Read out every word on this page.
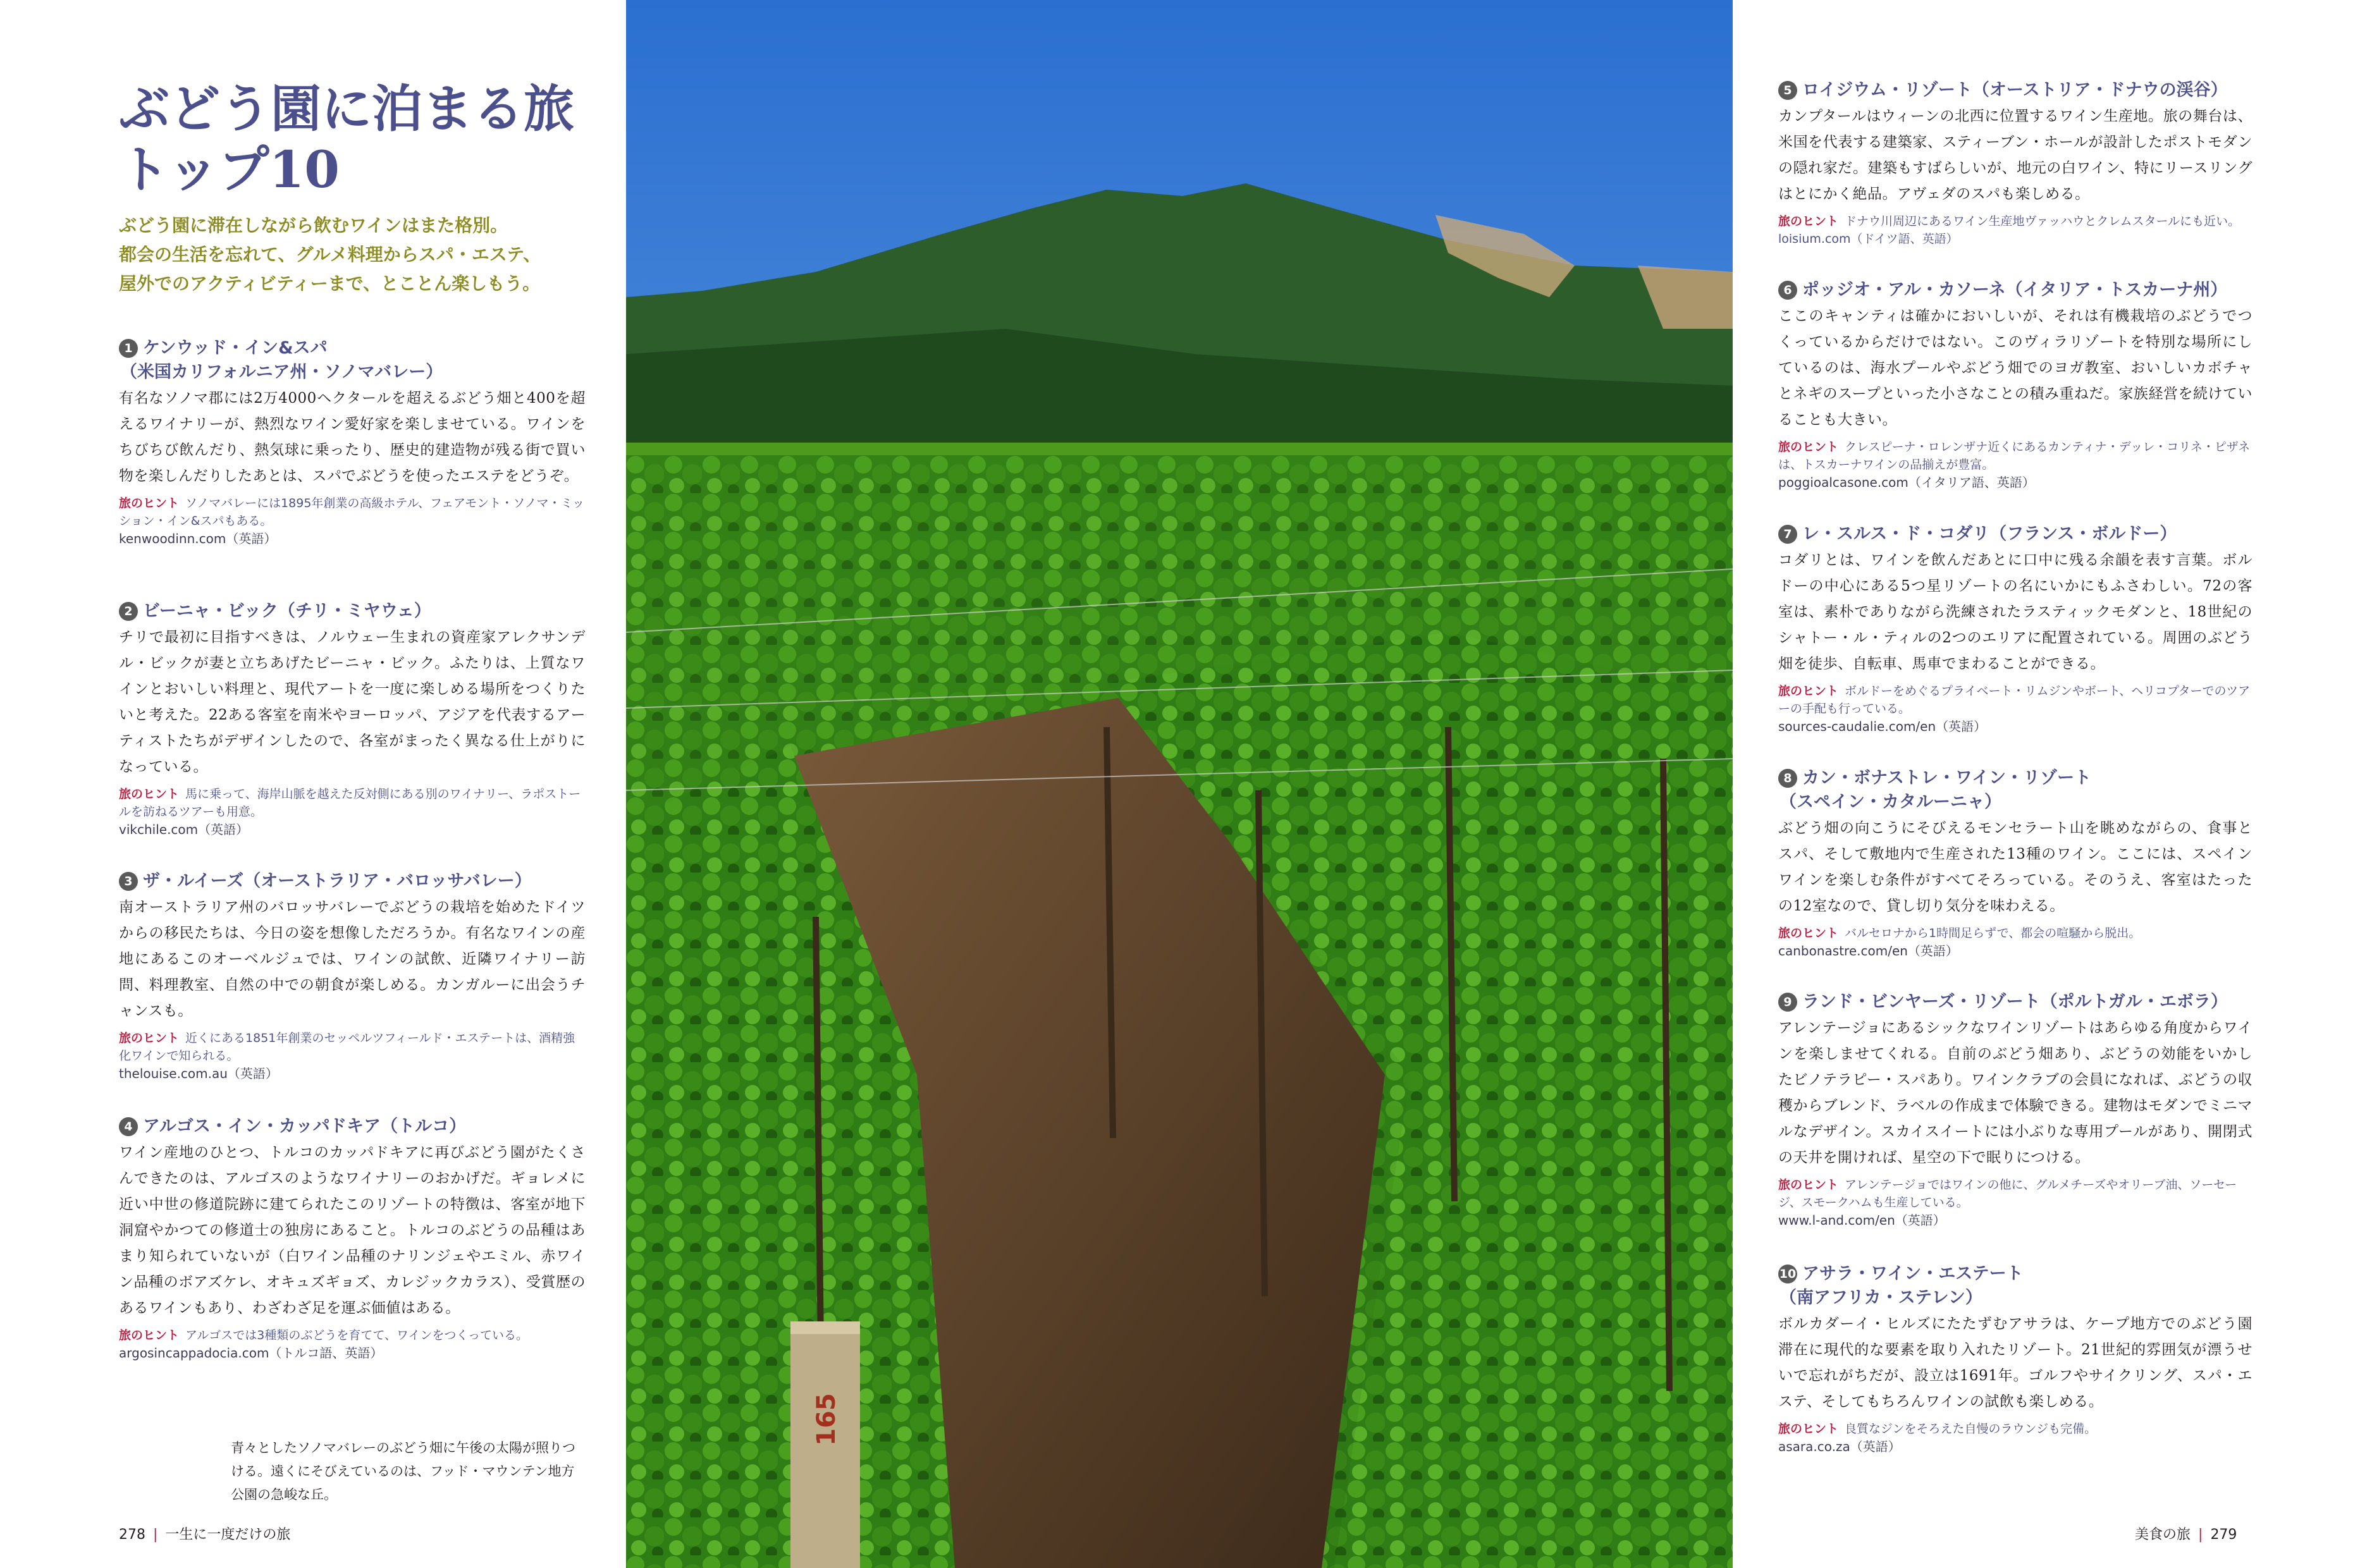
ぶどう園に泊まる旅
トップ10

ぶどう園に滞在しながら飲むワインはまた格別。
都会の生活を忘れて、グルメ料理からスパ・エステ、
屋外でのアクティビティーまで、とことん楽しもう。

1 ケンウッド・イン&スパ
（米国カリフォルニア州・ソノマバレー）

有名なソノマ郡には2万4000ヘクタールを超えるぶどう畑と400を超えるワイナリーが、熱烈なワイン愛好家を楽しませている。ワインをちびちび飲んだり、熱気球に乗ったり、歴史的建造物が残る街で買い物を楽しんだりしたあとは、スパでぶどうを使ったエステをどうぞ。

旅のヒント ソノマバレーには1895年創業の高級ホテル、フェアモント・ソノマ・ミッション・イン&スパもある。

kenwoodinn.com（英語）

2 ビーニャ・ビック（チリ・ミヤウェ）

チリで最初に目指すべきは、ノルウェー生まれの資産家アレクサンデル・ビックが妻と立ちあげたビーニャ・ビック。ふたりは、上質なワインとおいしい料理と、現代アートを一度に楽しめる場所をつくりたいと考えた。22ある客室を南米やヨーロッパ、アジアを代表するアーティストたちがデザインしたので、各室がまったく異なる仕上がりになっている。

旅のヒント 馬に乗って、海岸山脈を越えた反対側にある別のワイナリー、ラポストールを訪ねるツアーも用意。

vikchile.com（英語）

3 ザ・ルイーズ（オーストラリア・バロッサバレー）

南オーストラリア州のバロッサバレーでぶどうの栽培を始めたドイツからの移民たちは、今日の姿を想像しただろうか。有名なワインの産地にあるこのオーベルジュでは、ワインの試飲、近隣ワイナリー訪問、料理教室、自然の中での朝食が楽しめる。カンガルーに出会うチャンスも。

旅のヒント 近くにある1851年創業のセッペルツフィールド・エステートは、酒精強化ワインで知られる。

thelouise.com.au（英語）

4 アルゴス・イン・カッパドキア（トルコ）

ワイン産地のひとつ、トルコのカッパドキアに再びぶどう園がたくさんできたのは、アルゴスのようなワイナリーのおかげだ。ギョレメに近い中世の修道院跡に建てられたこのリゾートの特徴は、客室が地下洞窟やかつての修道士の独房にあること。トルコのぶどうの品種はあまり知られていないが（白ワイン品種のナリンジェやエミル、赤ワイン品種のボアズケレ、オキュズギョズ、カレジックカラス）、受賞歴のあるワインもあり、わざわざ足を運ぶ価値はある。

旅のヒント アルゴスでは3種類のぶどうを育てて、ワインをつくっている。

argosincappadocia.com（トルコ語、英語）

青々としたソノマバレーのぶどう畑に午後の太陽が照りつける。遠くにそびえているのは、フッド・マウンテン地方公園の急峻な丘。
278 | 一生に一度だけの旅
165

5 ロイジウム・リゾート（オーストリア・ドナウの渓谷）

カンプタールはウィーンの北西に位置するワイン生産地。旅の舞台は、米国を代表する建築家、スティーブン・ホールが設計したポストモダンの隠れ家だ。建築もすばらしいが、地元の白ワイン、特にリースリングはとにかく絶品。アヴェダのスパも楽しめる。

旅のヒント ドナウ川周辺にあるワイン生産地ヴァッハウとクレムスタールにも近い。loisium.com（ドイツ語、英語）

6 ポッジオ・アル・カソーネ（イタリア・トスカーナ州）

ここのキャンティは確かにおいしいが、それは有機栽培のぶどうでつくっているからだけではない。このヴィラリゾートを特別な場所にしているのは、海水プールやぶどう畑でのヨガ教室、おいしいカボチャとネギのスープといった小さなことの積み重ねだ。家族経営を続けていることも大きい。

旅のヒント クレスピーナ・ロレンザナ近くにあるカンティナ・デッレ・コリネ・ピザネは、トスカーナワインの品揃えが豊富。

poggioalcasone.com（イタリア語、英語）

7 レ・スルス・ド・コダリ（フランス・ボルドー）

コダリとは、ワインを飲んだあとに口中に残る余韻を表す言葉。ボルドーの中心にある5つ星リゾートの名にいかにもふさわしい。72の客室は、素朴でありながら洗練されたラスティックモダンと、18世紀のシャトー・ル・ティルの2つのエリアに配置されている。周囲のぶどう畑を徒歩、自転車、馬車でまわることができる。

旅のヒント ボルドーをめぐるプライベート・リムジンやボート、ヘリコプターでのツアーの手配も行っている。

sources-caudalie.com/en（英語）

8 カン・ボナストレ・ワイン・リゾート
（スペイン・カタルーニャ）

ぶどう畑の向こうにそびえるモンセラート山を眺めながらの、食事とスパ、そして敷地内で生産された13種のワイン。ここには、スペインワインを楽しむ条件がすべてそろっている。そのうえ、客室はたったの12室なので、貸し切り気分を味わえる。

旅のヒント バルセロナから1時間足らずで、都会の喧騒から脱出。

canbonastre.com/en（英語）

9 ランド・ビンヤーズ・リゾート（ポルトガル・エボラ）

アレンテージョにあるシックなワインリゾートはあらゆる角度からワインを楽しませてくれる。自前のぶどう畑あり、ぶどうの効能をいかしたビノテラピー・スパあり。ワインクラブの会員になれば、ぶどうの収穫からブレンド、ラベルの作成まで体験できる。建物はモダンでミニマルなデザイン。スカイスイートには小ぶりな専用プールがあり、開閉式の天井を開ければ、星空の下で眠りにつける。

旅のヒント アレンテージョではワインの他に、グルメチーズやオリーブ油、ソーセージ、スモークハムも生産している。

www.l-and.com/en（英語）

10 アサラ・ワイン・エステート
（南アフリカ・ステレン）

ボルカダーイ・ヒルズにたたずむアサラは、ケープ地方でのぶどう園滞在に現代的な要素を取り入れたリゾート。21世紀的雰囲気が漂うせいで忘れがちだが、設立は1691年。ゴルフやサイクリング、スパ・エステ、そしてもちろんワインの試飲も楽しめる。

旅のヒント 良質なジンをそろえた自慢のラウンジも完備。

asara.co.za（英語）

美食の旅 | 279
